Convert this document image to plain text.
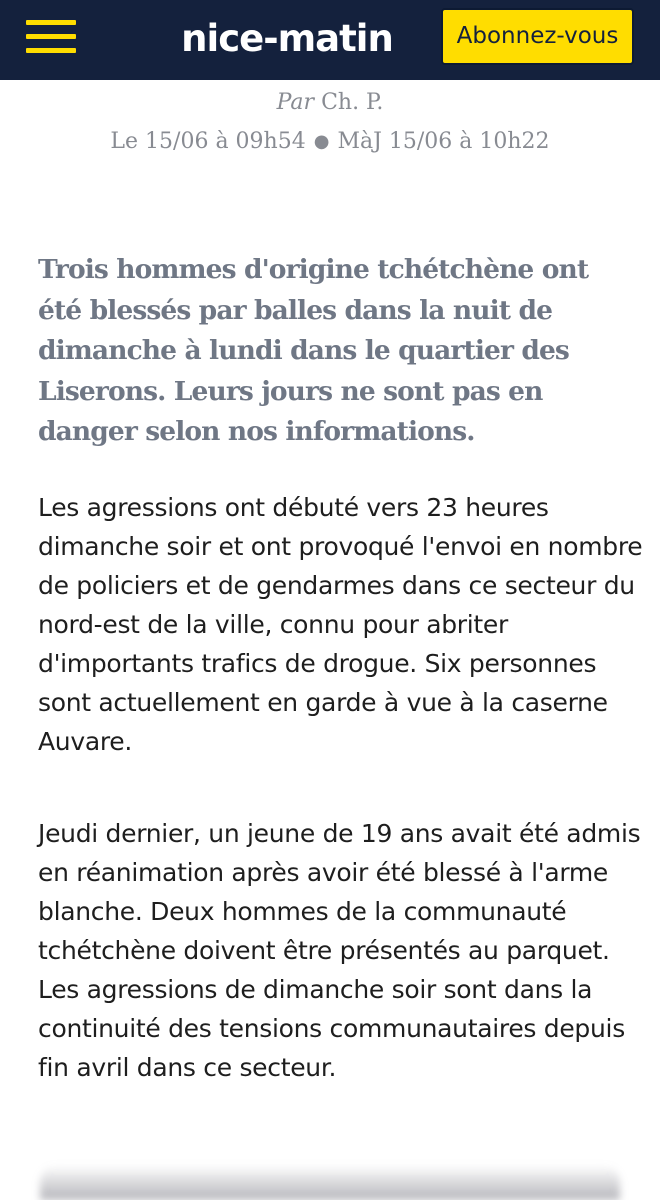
nice-matin	Abonnez-vous
Par Ch. P.
Le 15/06 à 09h54 ● MàJ 15/06 à 10h22

Trois hommes d'origine tchétchène ont été blessés par balles dans la nuit de dimanche à lundi dans le quartier des Liserons. Leurs jours ne sont pas en danger selon nos informations.

Les agressions ont débuté vers 23 heures dimanche soir et ont provoqué l'envoi en nombre de policiers et de gendarmes dans ce secteur du nord-est de la ville, connu pour abriter d'importants trafics de drogue. Six personnes sont actuellement en garde à vue à la caserne Auvare.

Jeudi dernier, un jeune de 19 ans avait été admis en réanimation après avoir été blessé à l'arme blanche. Deux hommes de la communauté tchétchène doivent être présentés au parquet. Les agressions de dimanche soir sont dans la continuité des tensions communautaires depuis fin avril dans ce secteur.
